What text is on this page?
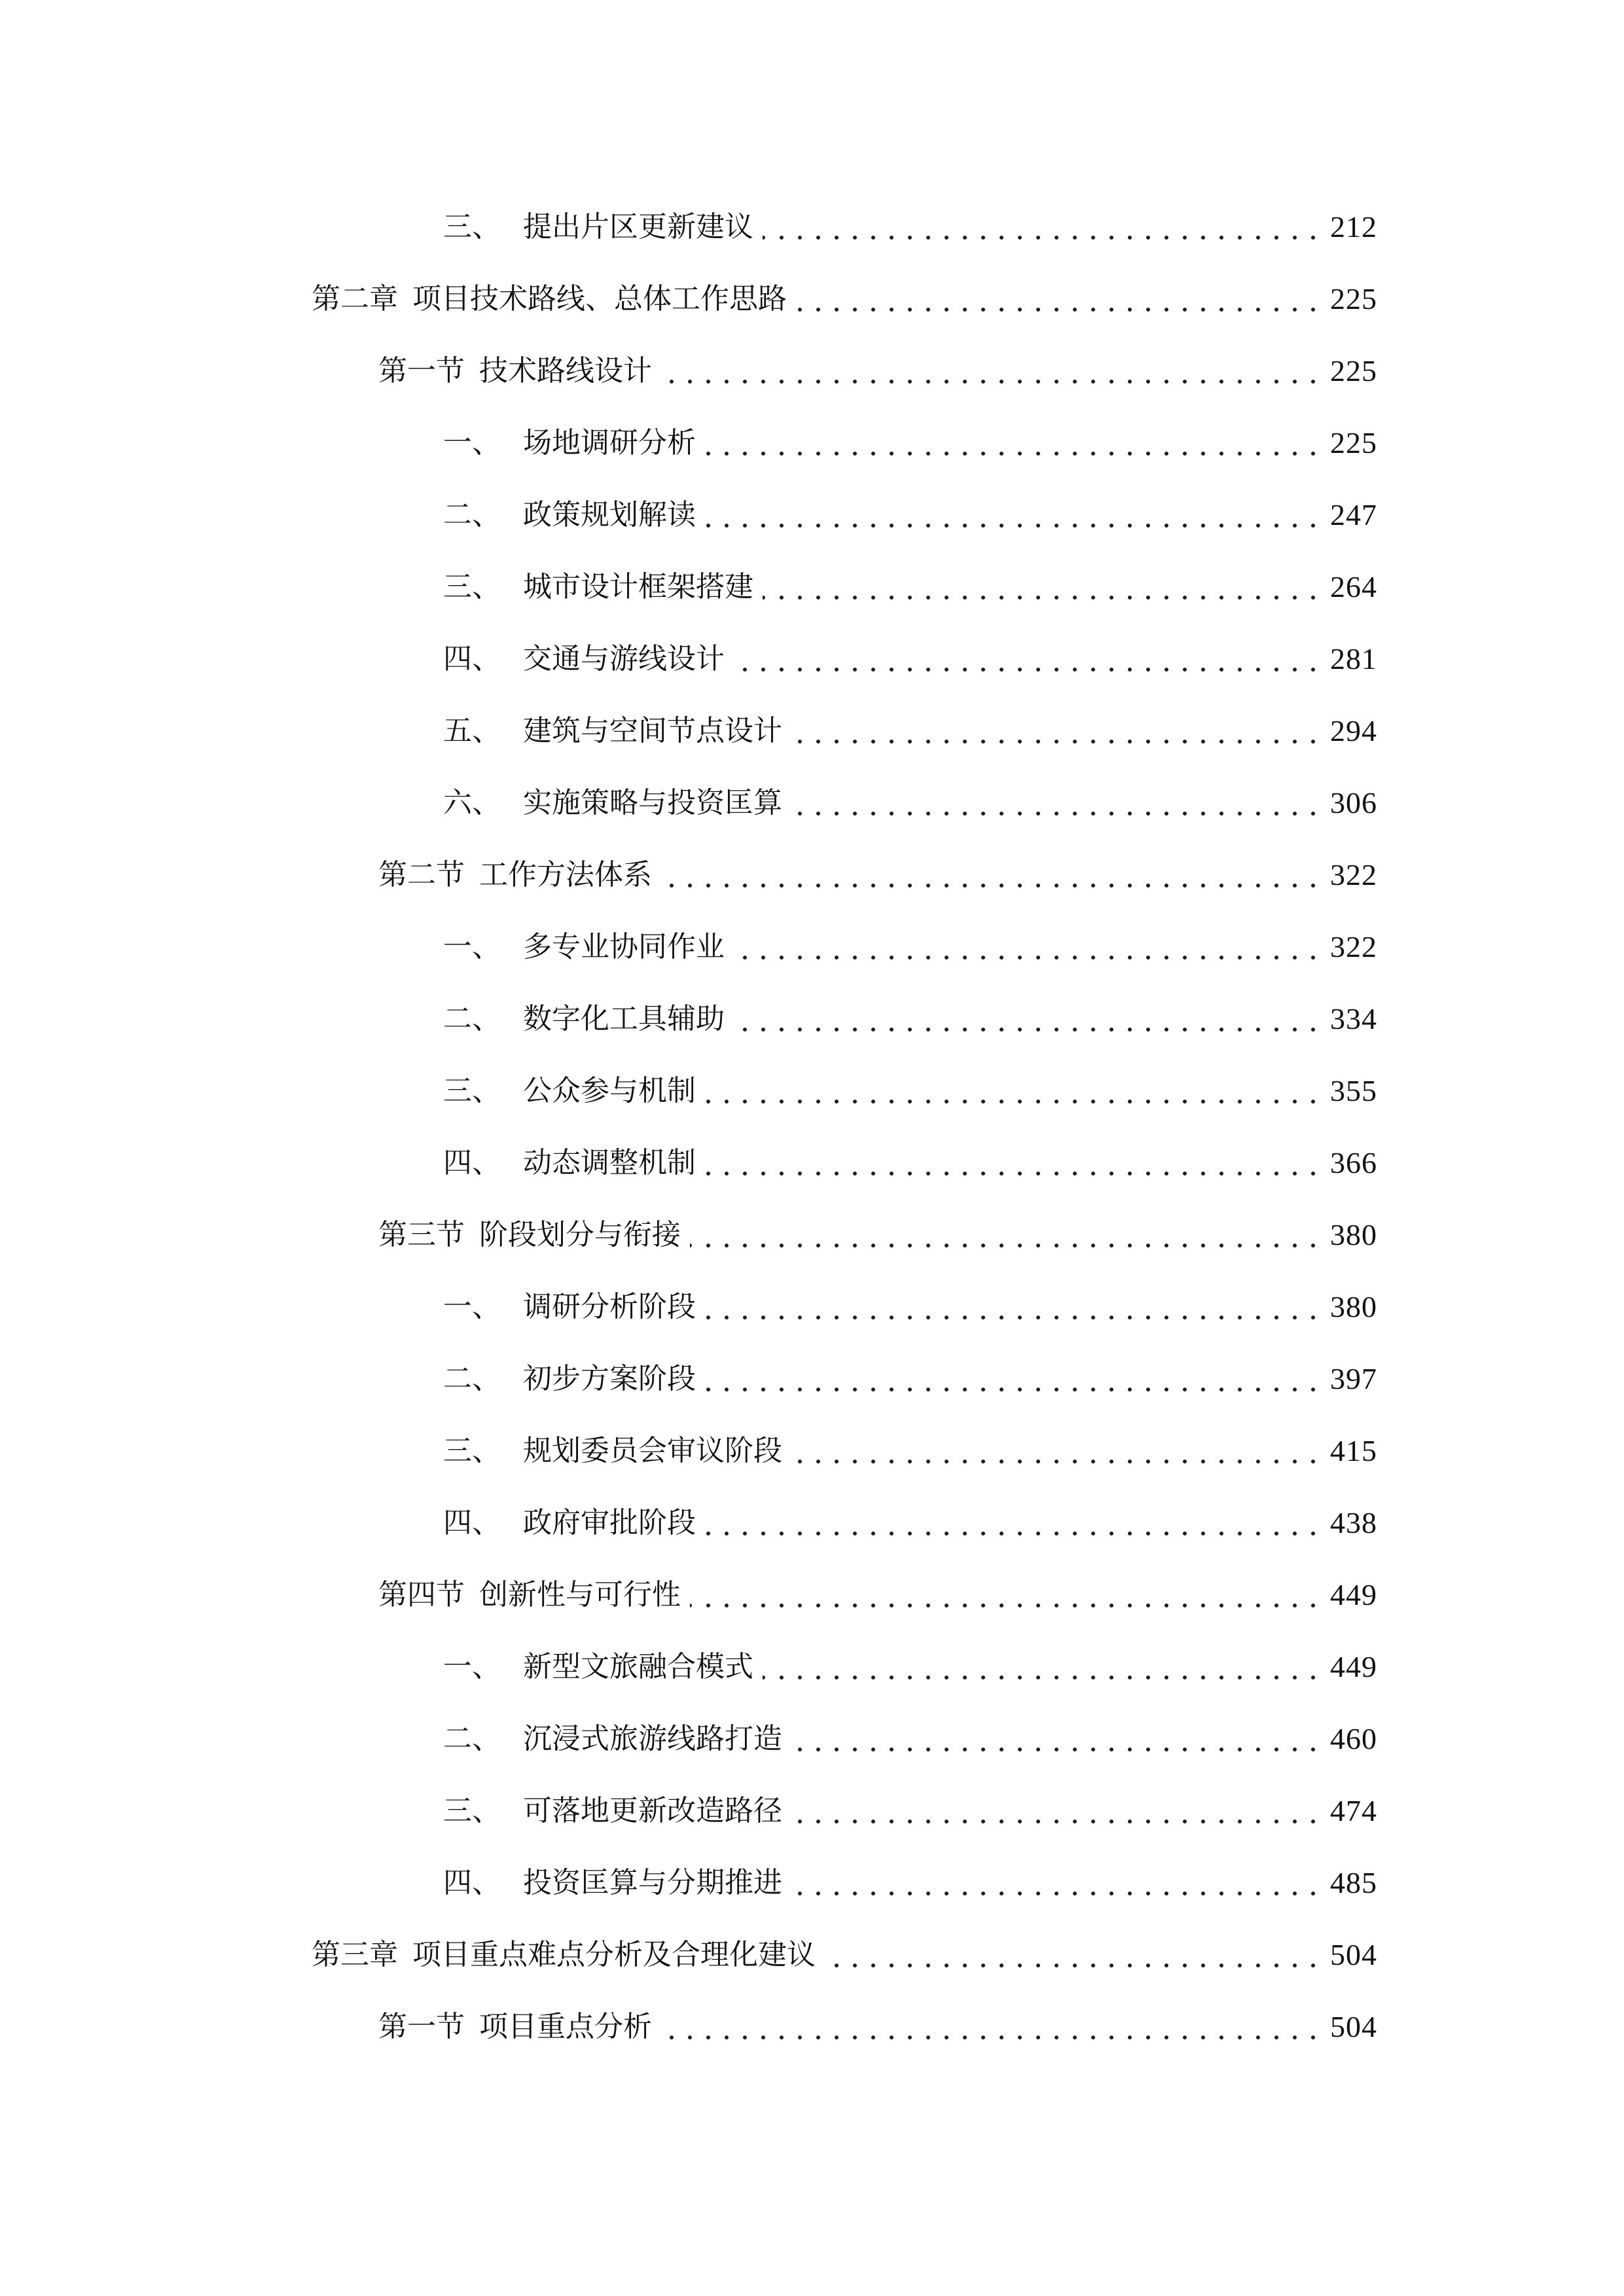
三、 提出片区更新建议	212
第二章 项目技术路线、总体工作思路	225
第一节 技术路线设计	225
一、 场地调研分析	225
二、 政策规划解读	247
三、 城市设计框架搭建	264
四、 交通与游线设计	281
五、 建筑与空间节点设计	294
六、 实施策略与投资匡算	306
第二节 工作方法体系	322
一、 多专业协同作业	322
二、 数字化工具辅助	334
三、 公众参与机制	355
四、 动态调整机制	366
第三节 阶段划分与衔接	380
一、 调研分析阶段	380
二、 初步方案阶段	397
三、 规划委员会审议阶段	415
四、 政府审批阶段	438
第四节 创新性与可行性	449
一、 新型文旅融合模式	449
二、 沉浸式旅游线路打造	460
三、 可落地更新改造路径	474
四、 投资匡算与分期推进	485
第三章 项目重点难点分析及合理化建议	504
第一节 项目重点分析	504
